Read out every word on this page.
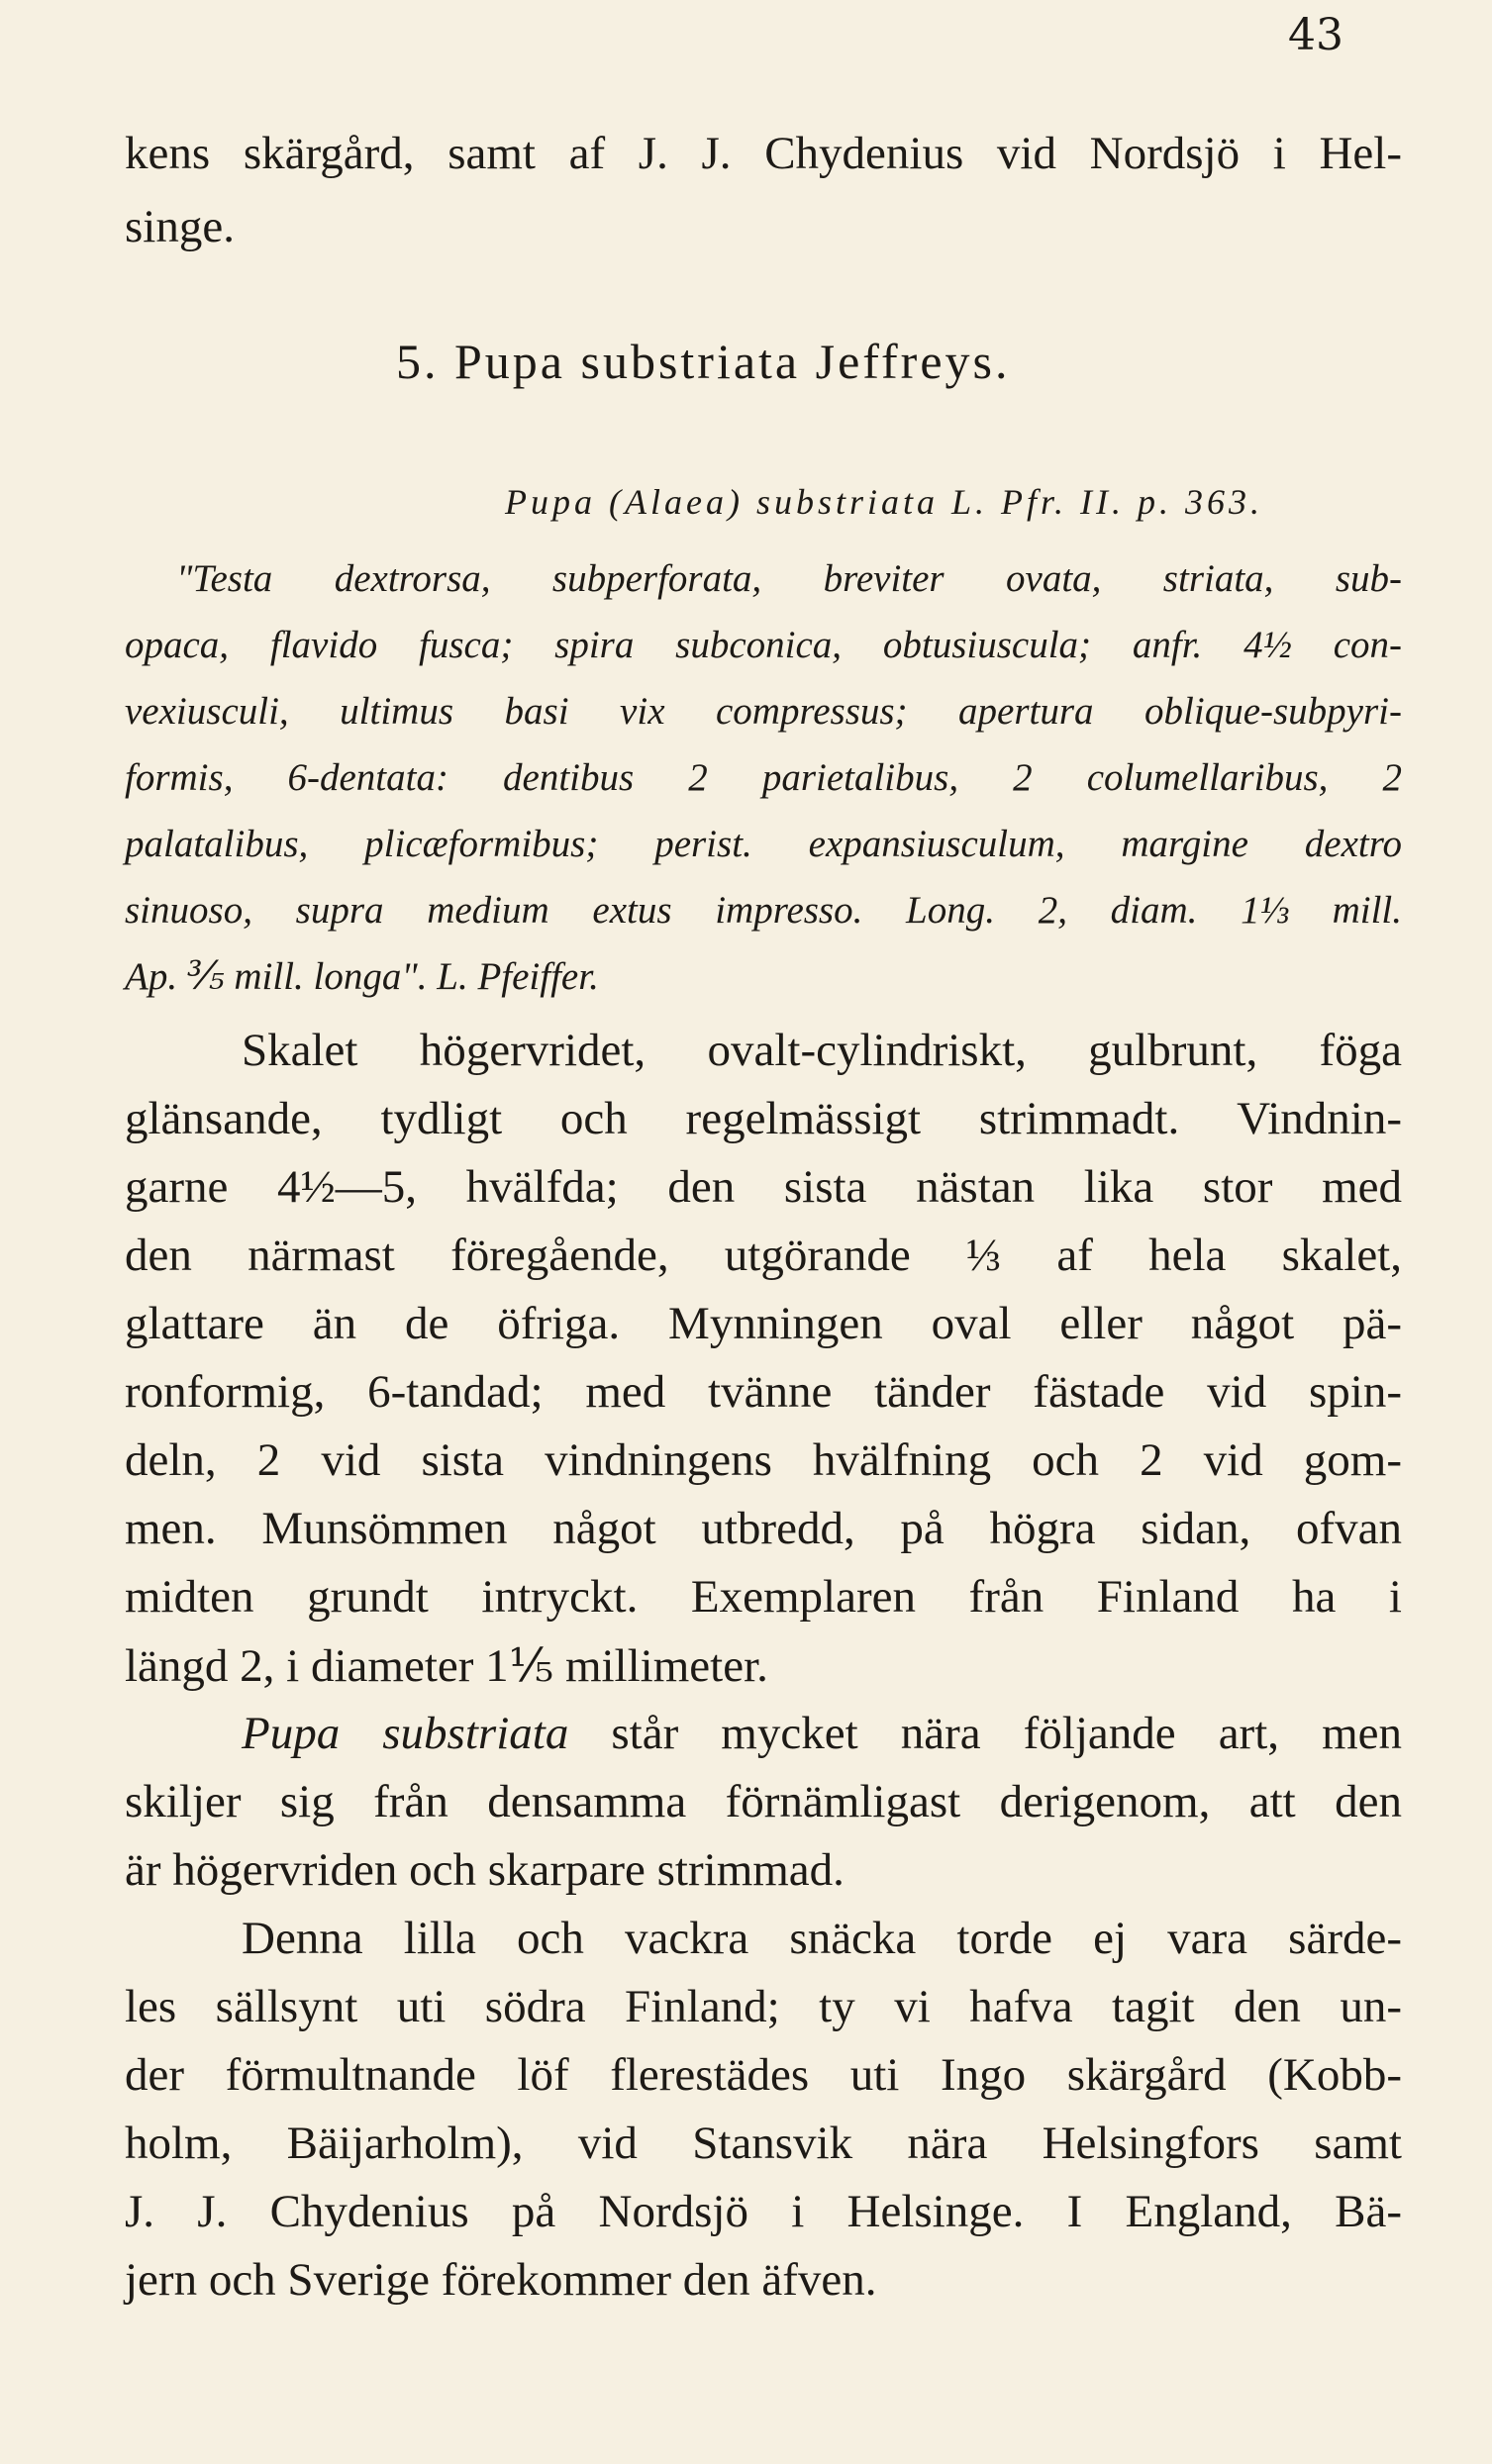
43
kens skärgård, samt af J. J. Chydenius vid Nordsjö i Hel-
singe.
5. Pupa substriata Jeffreys.
Pupa (Alaea) substriata L. Pfr. II. p. 363.
"Testa dextrorsa, subperforata, breviter ovata, striata, sub-
opaca, flavido fusca; spira subconica, obtusiuscula; anfr. 4½ con-
vexiusculi, ultimus basi vix compressus; apertura oblique-subpyri-
formis, 6-dentata: dentibus 2 parietalibus, 2 columellaribus, 2
palatalibus, plicæformibus; perist. expansiusculum, margine dextro
sinuoso, supra medium extus impresso. Long. 2, diam. 1⅓ mill.
Ap. ⅗ mill. longa". L. Pfeiffer.
Skalet högervridet, ovalt-cylindriskt, gulbrunt, föga
glänsande, tydligt och regelmässigt strimmadt. Vindnin-
garne 4½—5, hvälfda; den sista nästan lika stor med
den närmast föregående, utgörande ⅓ af hela skalet,
glattare än de öfriga. Mynningen oval eller något pä-
ronformig, 6-tandad; med tvänne tänder fästade vid spin-
deln, 2 vid sista vindningens hvälfning och 2 vid gom-
men. Munsömmen något utbredd, på högra sidan, ofvan
midten grundt intryckt. Exemplaren från Finland ha i
längd 2, i diameter 1⅕ millimeter.
Pupa substriata står mycket nära följande art, men
skiljer sig från densamma förnämligast derigenom, att den
är högervriden och skarpare strimmad.
Denna lilla och vackra snäcka torde ej vara särde-
les sällsynt uti södra Finland; ty vi hafva tagit den un-
der förmultnande löf flerestädes uti Ingo skärgård (Kobb-
holm, Bäijarholm), vid Stansvik nära Helsingfors samt
J. J. Chydenius på Nordsjö i Helsinge. I England, Bä-
jern och Sverige förekommer den äfven.
